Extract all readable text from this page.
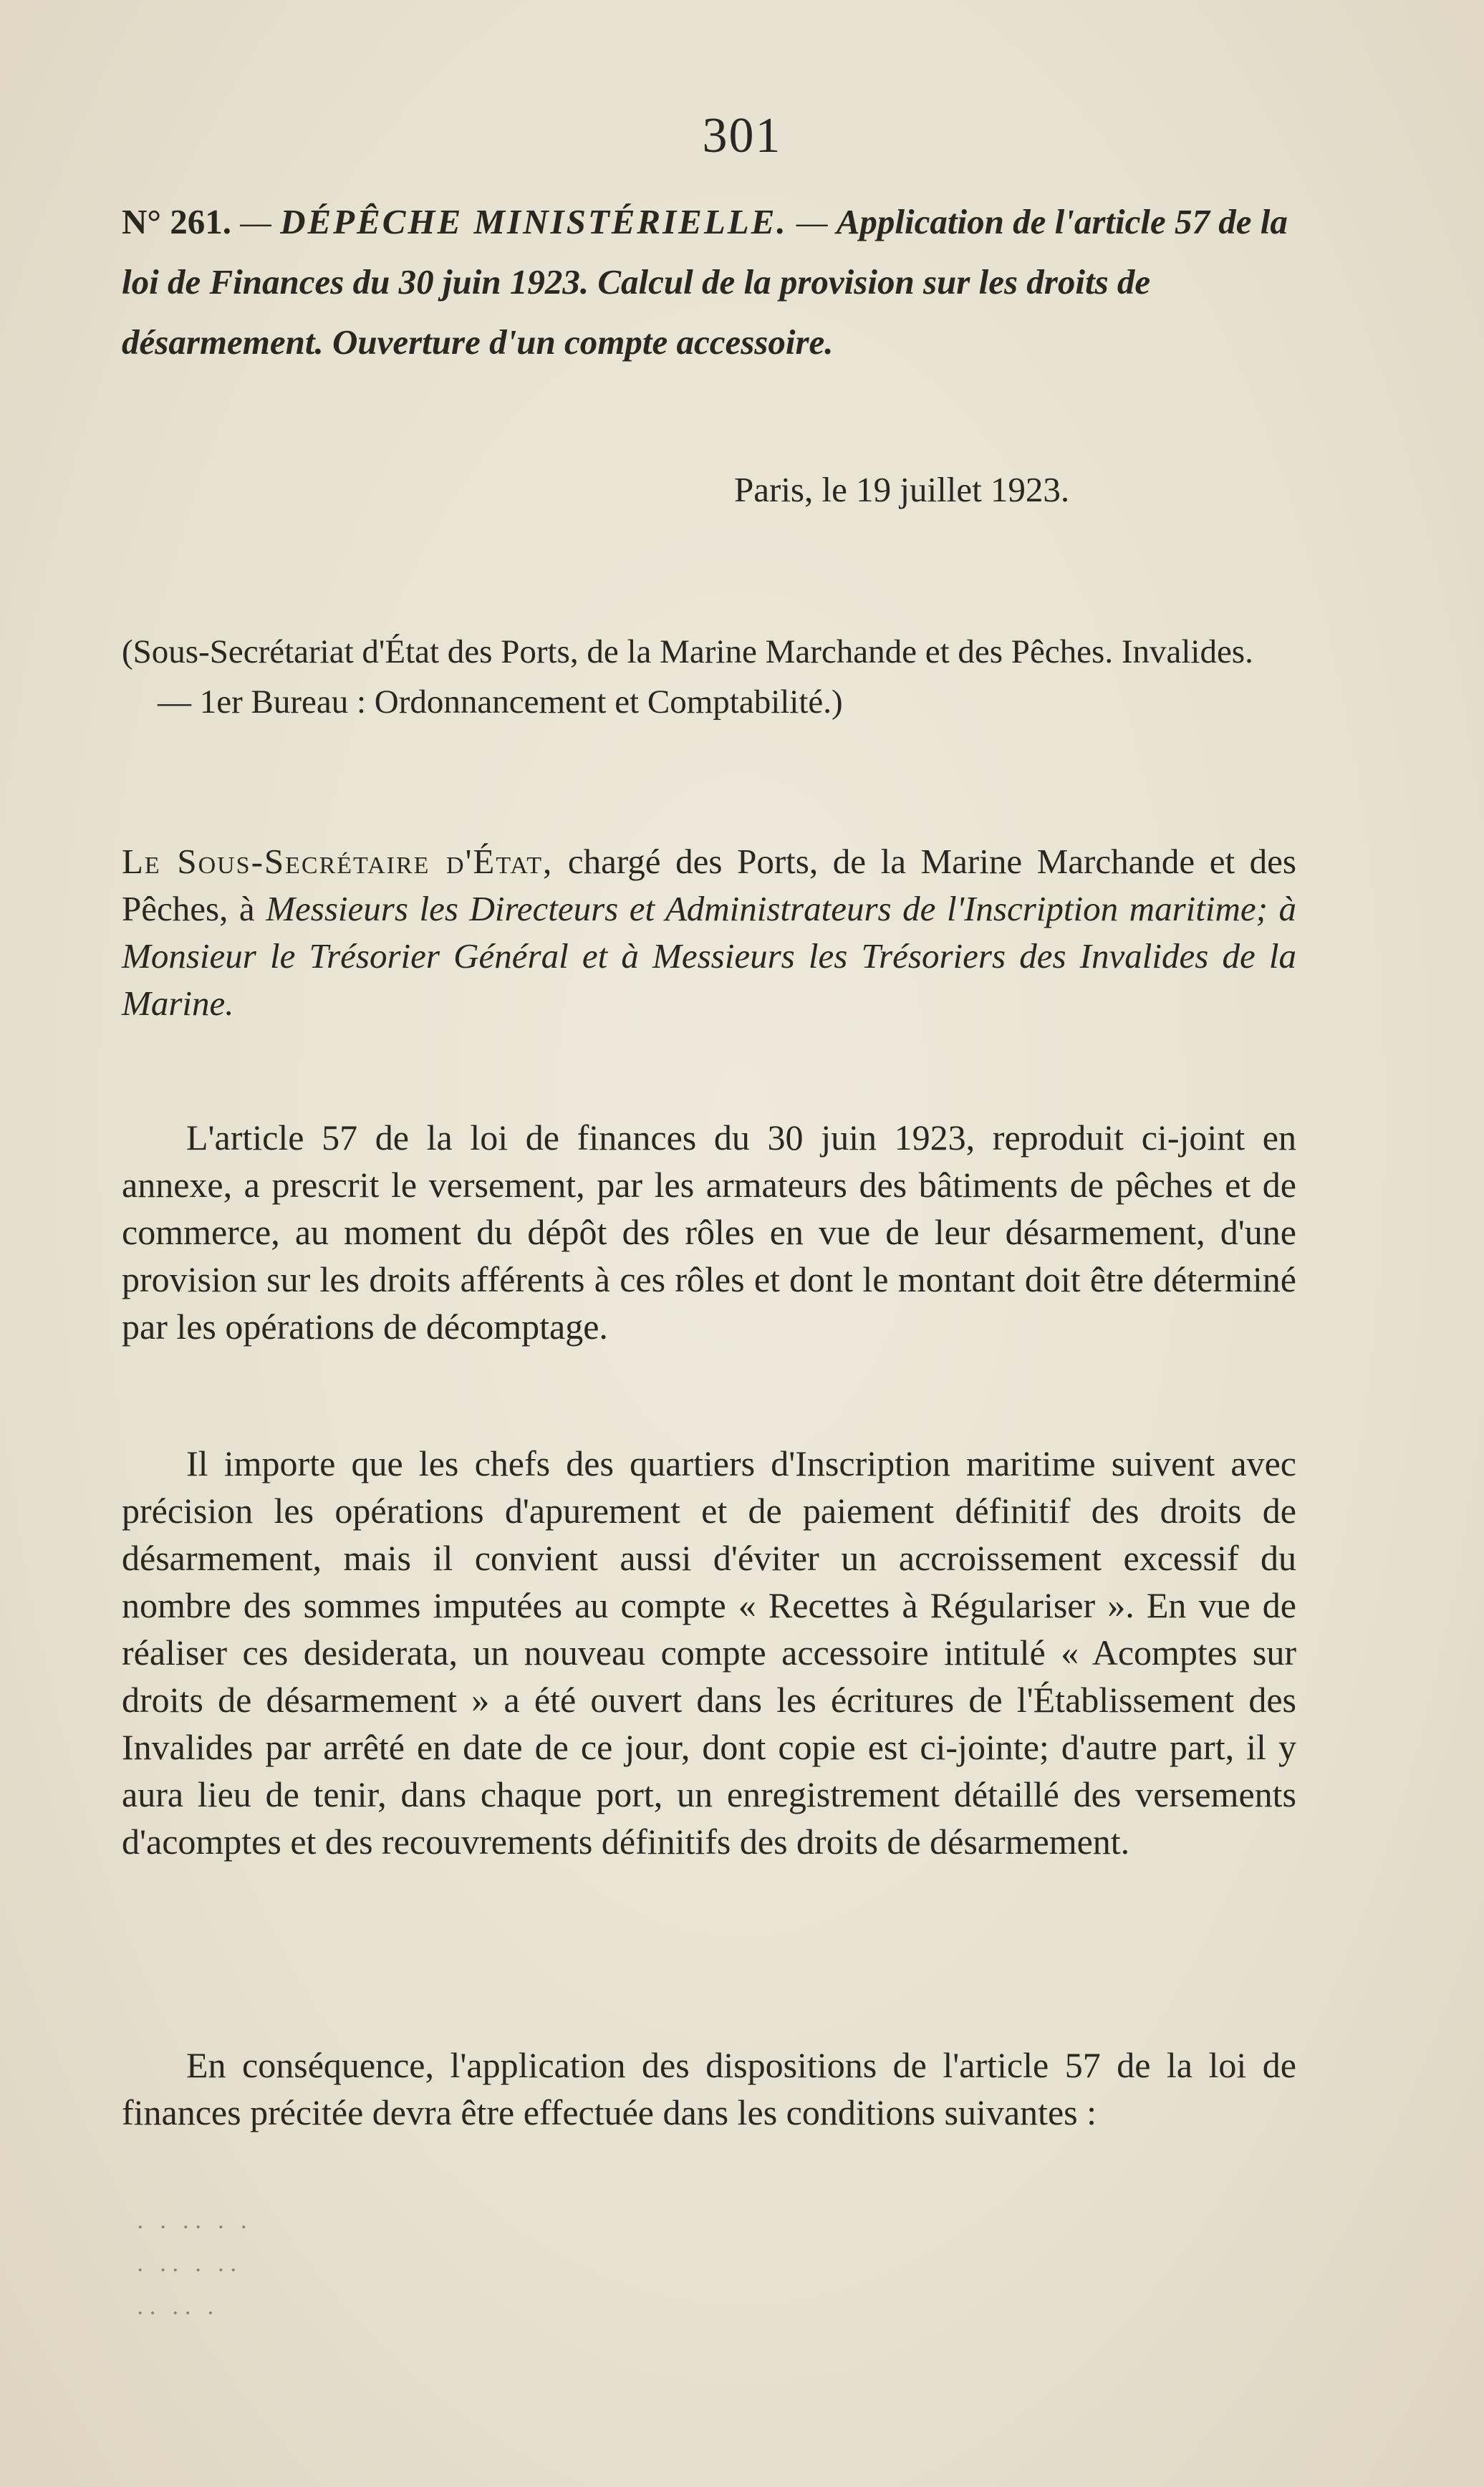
301
N° 261. — DÉPÊCHE MINISTÉRIELLE. — Application de l'article 57 de la loi de Finances du 30 juin 1923. Calcul de la provision sur les droits de désarmement. Ouverture d'un compte accessoire.
Paris, le 19 juillet 1923.
(Sous-Secrétariat d'État des Ports, de la Marine Marchande et des Pêches. Invalides. — 1er Bureau : Ordonnancement et Comptabilité.)
Le Sous-Secrétaire d'État, chargé des Ports, de la Marine Marchande et des Pêches, à Messieurs les Directeurs et Administrateurs de l'Inscription maritime; à Monsieur le Trésorier Général et à Messieurs les Trésoriers des Invalides de la Marine.
L'article 57 de la loi de finances du 30 juin 1923, reproduit ci-joint en annexe, a prescrit le versement, par les armateurs des bâtiments de pêches et de commerce, au moment du dépôt des rôles en vue de leur désarmement, d'une provision sur les droits afférents à ces rôles et dont le montant doit être déterminé par les opérations de décomptage.
Il importe que les chefs des quartiers d'Inscription maritime suivent avec précision les opérations d'apurement et de paiement définitif des droits de désarmement, mais il convient aussi d'éviter un accroissement excessif du nombre des sommes imputées au compte « Recettes à Régulariser ». En vue de réaliser ces desiderata, un nouveau compte accessoire intitulé « Acomptes sur droits de désarmement » a été ouvert dans les écritures de l'Établissement des Invalides par arrêté en date de ce jour, dont copie est ci-jointe; d'autre part, il y aura lieu de tenir, dans chaque port, un enregistrement détaillé des versements d'acomptes et des recouvrements définitifs des droits de désarmement.
En conséquence, l'application des dispositions de l'article 57 de la loi de finances précitée devra être effectuée dans les conditions suivantes :
· · ·· · ·
· ·· · ··
·· ·· ·
